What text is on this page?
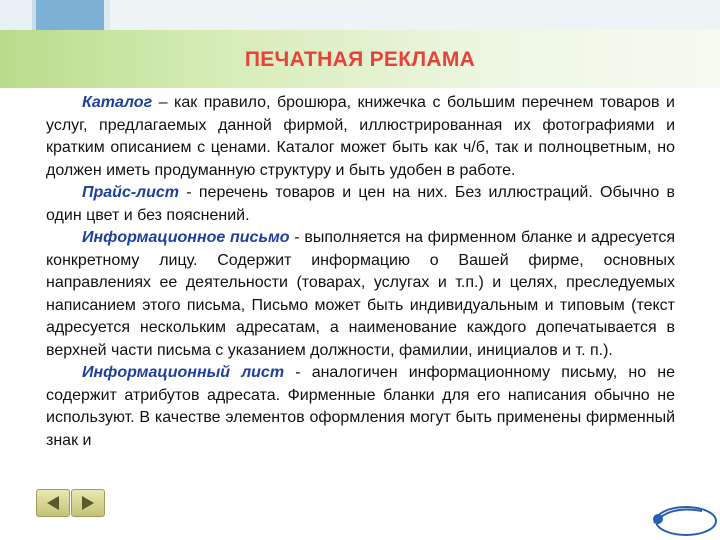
ПЕЧАТНАЯ РЕКЛАМА

Каталог – как правило, брошюра, книжечка с большим перечнем товаров и услуг, предлагаемых данной фирмой, иллюстрированная их фотографиями и кратким описанием с ценами. Каталог может быть как ч/б, так и полноцветным, но должен иметь продуманную структуру и быть удобен в работе.

Прайс-лист - перечень товаров и цен на них. Без иллюстраций. Обычно в один цвет и без пояснений.

Информационное письмо - выполняется на фирменном бланке и адресуется конкретному лицу. Содержит информацию о Вашей фирме, основных направлениях ее деятельности (товарах, услугах и т.п.) и целях, преследуемых написанием этого письма, Письмо может быть индивидуальным и типовым (текст адресуется нескольким адресатам, а наименование каждого допечатывается в верхней части письма с указанием должности, фамилии, инициалов и т. п.).

Информационный лист - аналогичен информационному письму, но не содержит атрибутов адресата. Фирменные бланки для его написания обычно не используют. В качестве элементов оформления могут быть применены фирменный знак и
